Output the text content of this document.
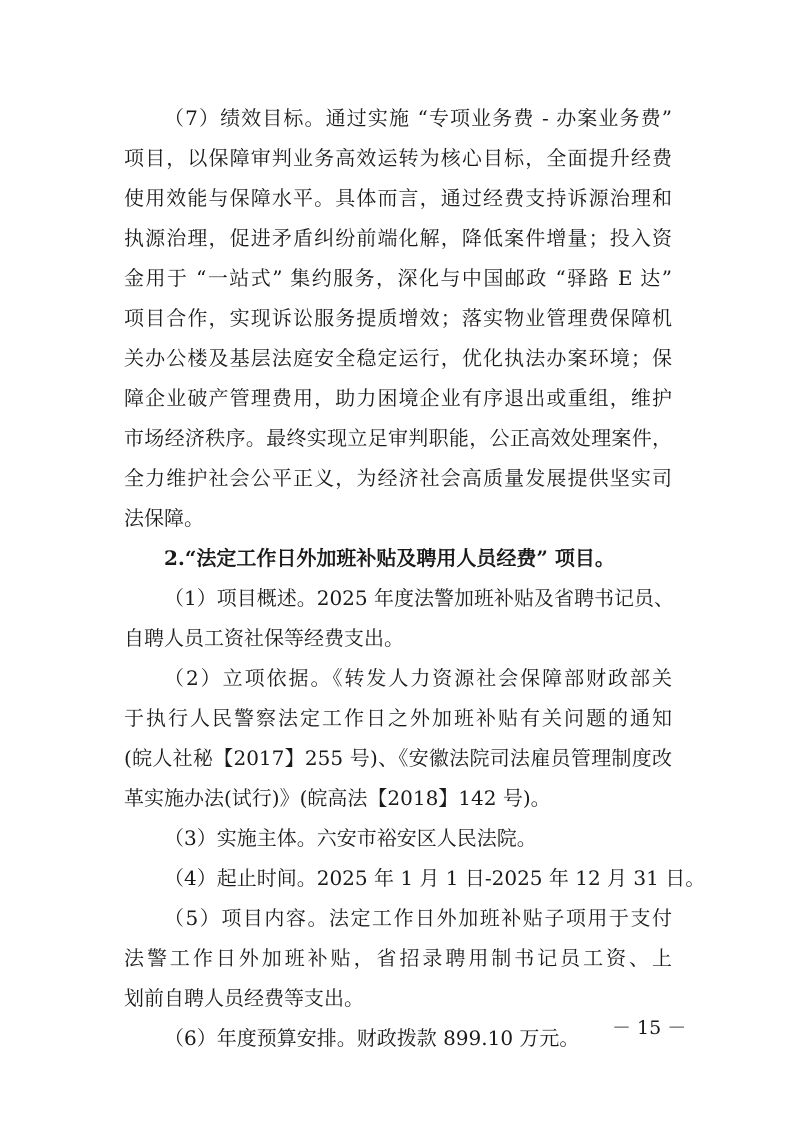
（7）绩效目标。通过实施 “专项业务费 - 办案业务费”
项目，以保障审判业务高效运转为核心目标，全面提升经费
使用效能与保障水平。具体而言，通过经费支持诉源治理和
执源治理，促进矛盾纠纷前端化解，降低案件增量；投入资
金用于 “一站式” 集约服务，深化与中国邮政 “驿路 E 达”
项目合作，实现诉讼服务提质增效；落实物业管理费保障机
关办公楼及基层法庭安全稳定运行，优化执法办案环境；保
障企业破产管理费用，助力困境企业有序退出或重组，维护
市场经济秩序。最终实现立足审判职能，公正高效处理案件，
全力维护社会公平正义，为经济社会高质量发展提供坚实司
法保障。
2.“法定工作日外加班补贴及聘用人员经费” 项目。
（1）项目概述。2025 年度法警加班补贴及省聘书记员、
自聘人员工资社保等经费支出。
（2）立项依据。《转发人力资源社会保障部财政部关
于执行人民警察法定工作日之外加班补贴有关问题的通知
(皖人社秘【2017】255 号)、《安徽法院司法雇员管理制度改
革实施办法(试行)》(皖高法【2018】142 号)。
（3）实施主体。六安市裕安区人民法院。
（4）起止时间。2025 年 1 月 1 日-2025 年 12 月 31 日。
（5）项目内容。法定工作日外加班补贴子项用于支付
法警工作日外加班补贴，省招录聘用制书记员工资、上
划前自聘人员经费等支出。
（6）年度预算安排。财政拨款 899.10 万元。	－ 15 －
